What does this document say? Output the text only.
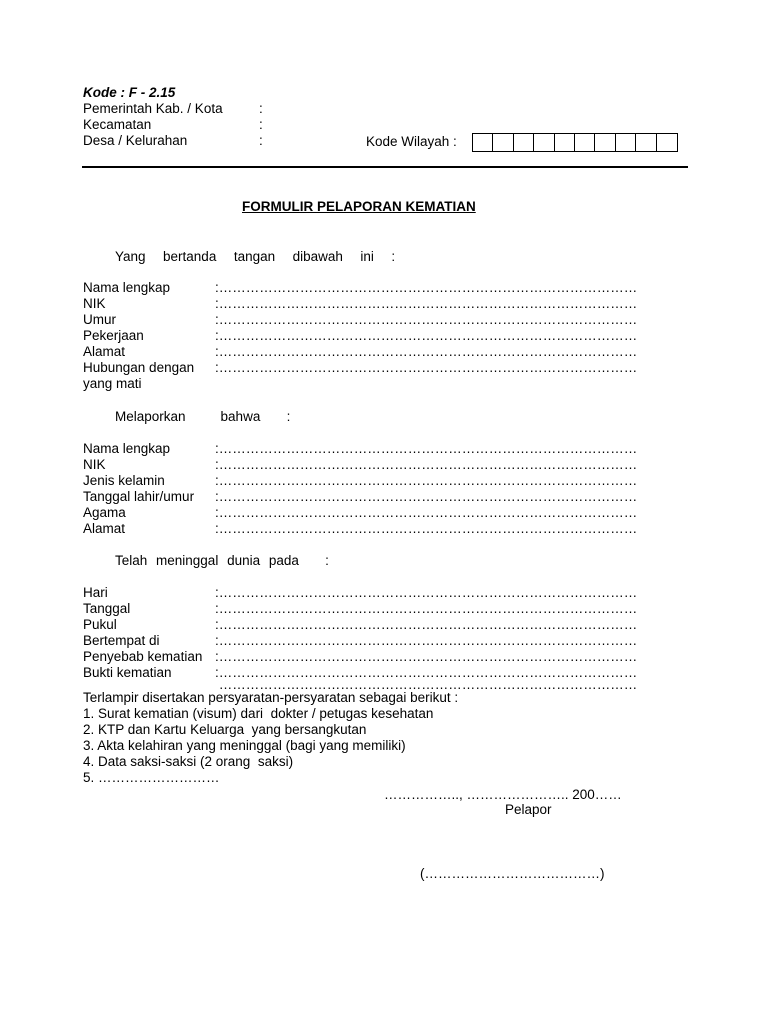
Kode : F - 2.15
Pemerintah Kab. / Kota	:
Kecamatan	:
Desa / Kelurahan	:	Kode Wilayah :
FORMULIR PELAPORAN KEMATIAN
Yang  bertanda  tangan  dibawah  ini  :
Nama lengkap	:…………………………………………………………………………………
NIK	:…………………………………………………………………………………
Umur	:…………………………………………………………………………………
Pekerjaan	:…………………………………………………………………………………
Alamat	:…………………………………………………………………………………
Hubungan dengan :…………………………………………………………………………………
yang mati
Melaporkan    bahwa   :
Nama lengkap	:…………………………………………………………………………………
NIK	:…………………………………………………………………………………
Jenis kelamin	:…………………………………………………………………………………
Tanggal lahir/umur :…………………………………………………………………………………
Agama	:…………………………………………………………………………………
Alamat	:…………………………………………………………………………………
Telah meninggal dunia pada   :
Hari	:…………………………………………………………………………………
Tanggal	:…………………………………………………………………………………
Pukul	:…………………………………………………………………………………
Bertempat di	:…………………………………………………………………………………
Penyebab kematian :…………………………………………………………………………………
Bukti kematian	:…………………………………………………………………………………
…………………………………………………………………………………
Terlampir disertakan persyaratan-persyaratan sebagai berikut :
1. Surat kematian (visum) dari  dokter / petugas kesehatan
2. KTP dan Kartu Keluarga  yang bersangkutan
3. Akta kelahiran yang meninggal (bagi yang memiliki)
4. Data saksi-saksi (2 orang  saksi)
5. ………………………
…………….., ………………….. 200……
Pelapor
(…………………………………)
